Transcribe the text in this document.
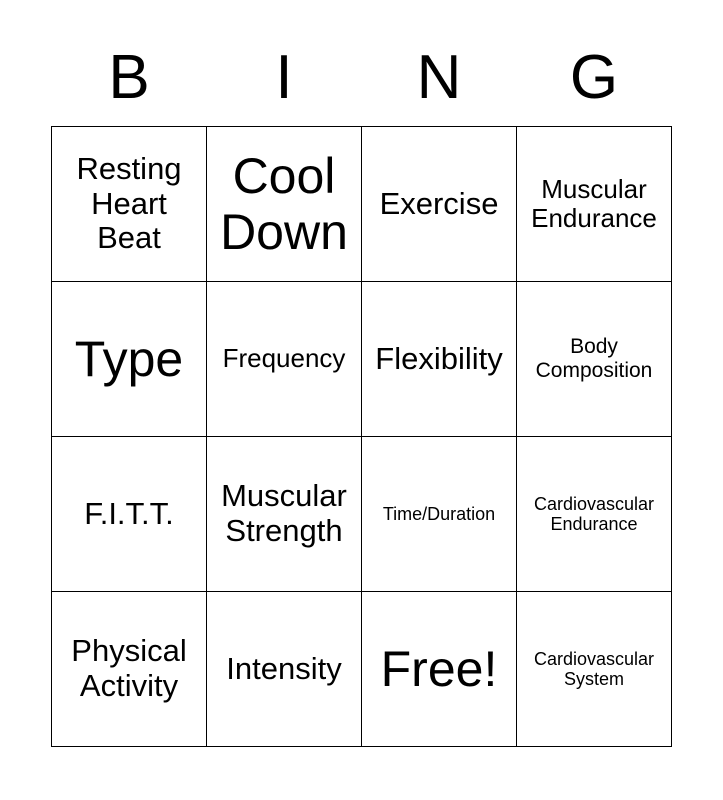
B	I	N	G
Resting Heart Beat	Cool Down	Exercise	Muscular Endurance
Type	Frequency	Flexibility	Body Composition
F.I.T.T.	Muscular Strength	Time/Duration	Cardiovascular Endurance
Physical Activity	Intensity	Free!	Cardiovascular System
